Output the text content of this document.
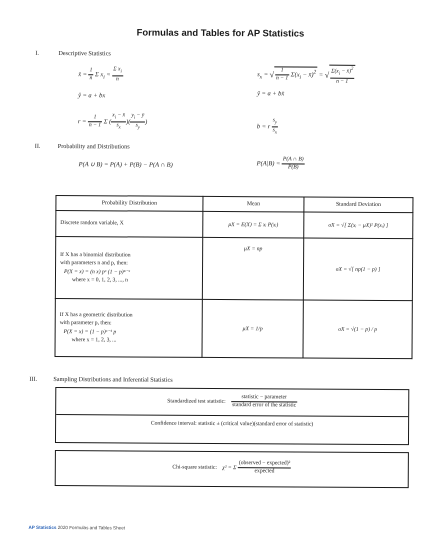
Formulas and Tables for AP Statistics
I.	Descriptive Statistics
x̄ = $\frac{1}{n}$ Σ $x_i = \frac{\Sigma x_i}{n}$	$s_x$ = √ $\frac{1}{n - 1} \Sigma(x_i$ − x̄)$^2$ = √ $\frac{\Sigma(x_i - x̄)^2}{n - 1}$
ŷ = a + bx	ȳ = a + bx̄
$r = \frac{1}{n - 1}$ Σ ( $\frac{x_i - x̄}{s_x}$ )( $\frac{y_i - ȳ}{s_y}$ )
b = r $\frac{s_y}{s_x}$
II.	Probability and Distributions
P(A ∪ B) = P(A) + P(B) − P(A ∩ B)	$P(A|B) = \frac{P(A \cap B)}{P(B)}$
Probability Distribution	Mean	Standard Deviation
Discrete random variable, X	μX = E(X) = Σ xᵢ P(xᵢ)	σX = √[ Σ(xᵢ − μX)² P(xᵢ) ]

If X has a binomial distribution
with parameters n and p, then:
P(X = x) = (n x) pˣ (1 − p)ⁿ⁻ˣ
where x = 0, 1, 2, 3, ..., n	μX = np	σX = √[ np(1 − p) ]

If X has a geometric distribution
with parameter p, then:
P(X = x) = (1 − p)ˣ⁻¹ p
where x = 1, 2, 3, ...	μX = 1/p	σX = √(1 − p) / p
III.	Sampling Distributions and Inferential Statistics
Standardized test statistic: $\frac{\text{statistic − parameter}}{\text{standard error of the statistic}}$
Confidence interval: statistic ± (critical value)(standard error of statistic)
Chi-square statistic: χ² = Σ $\frac{\text{(observed − expected)²}}{\text{expected}}$
AP Statistics 2020 Formulas and Tables Sheet
